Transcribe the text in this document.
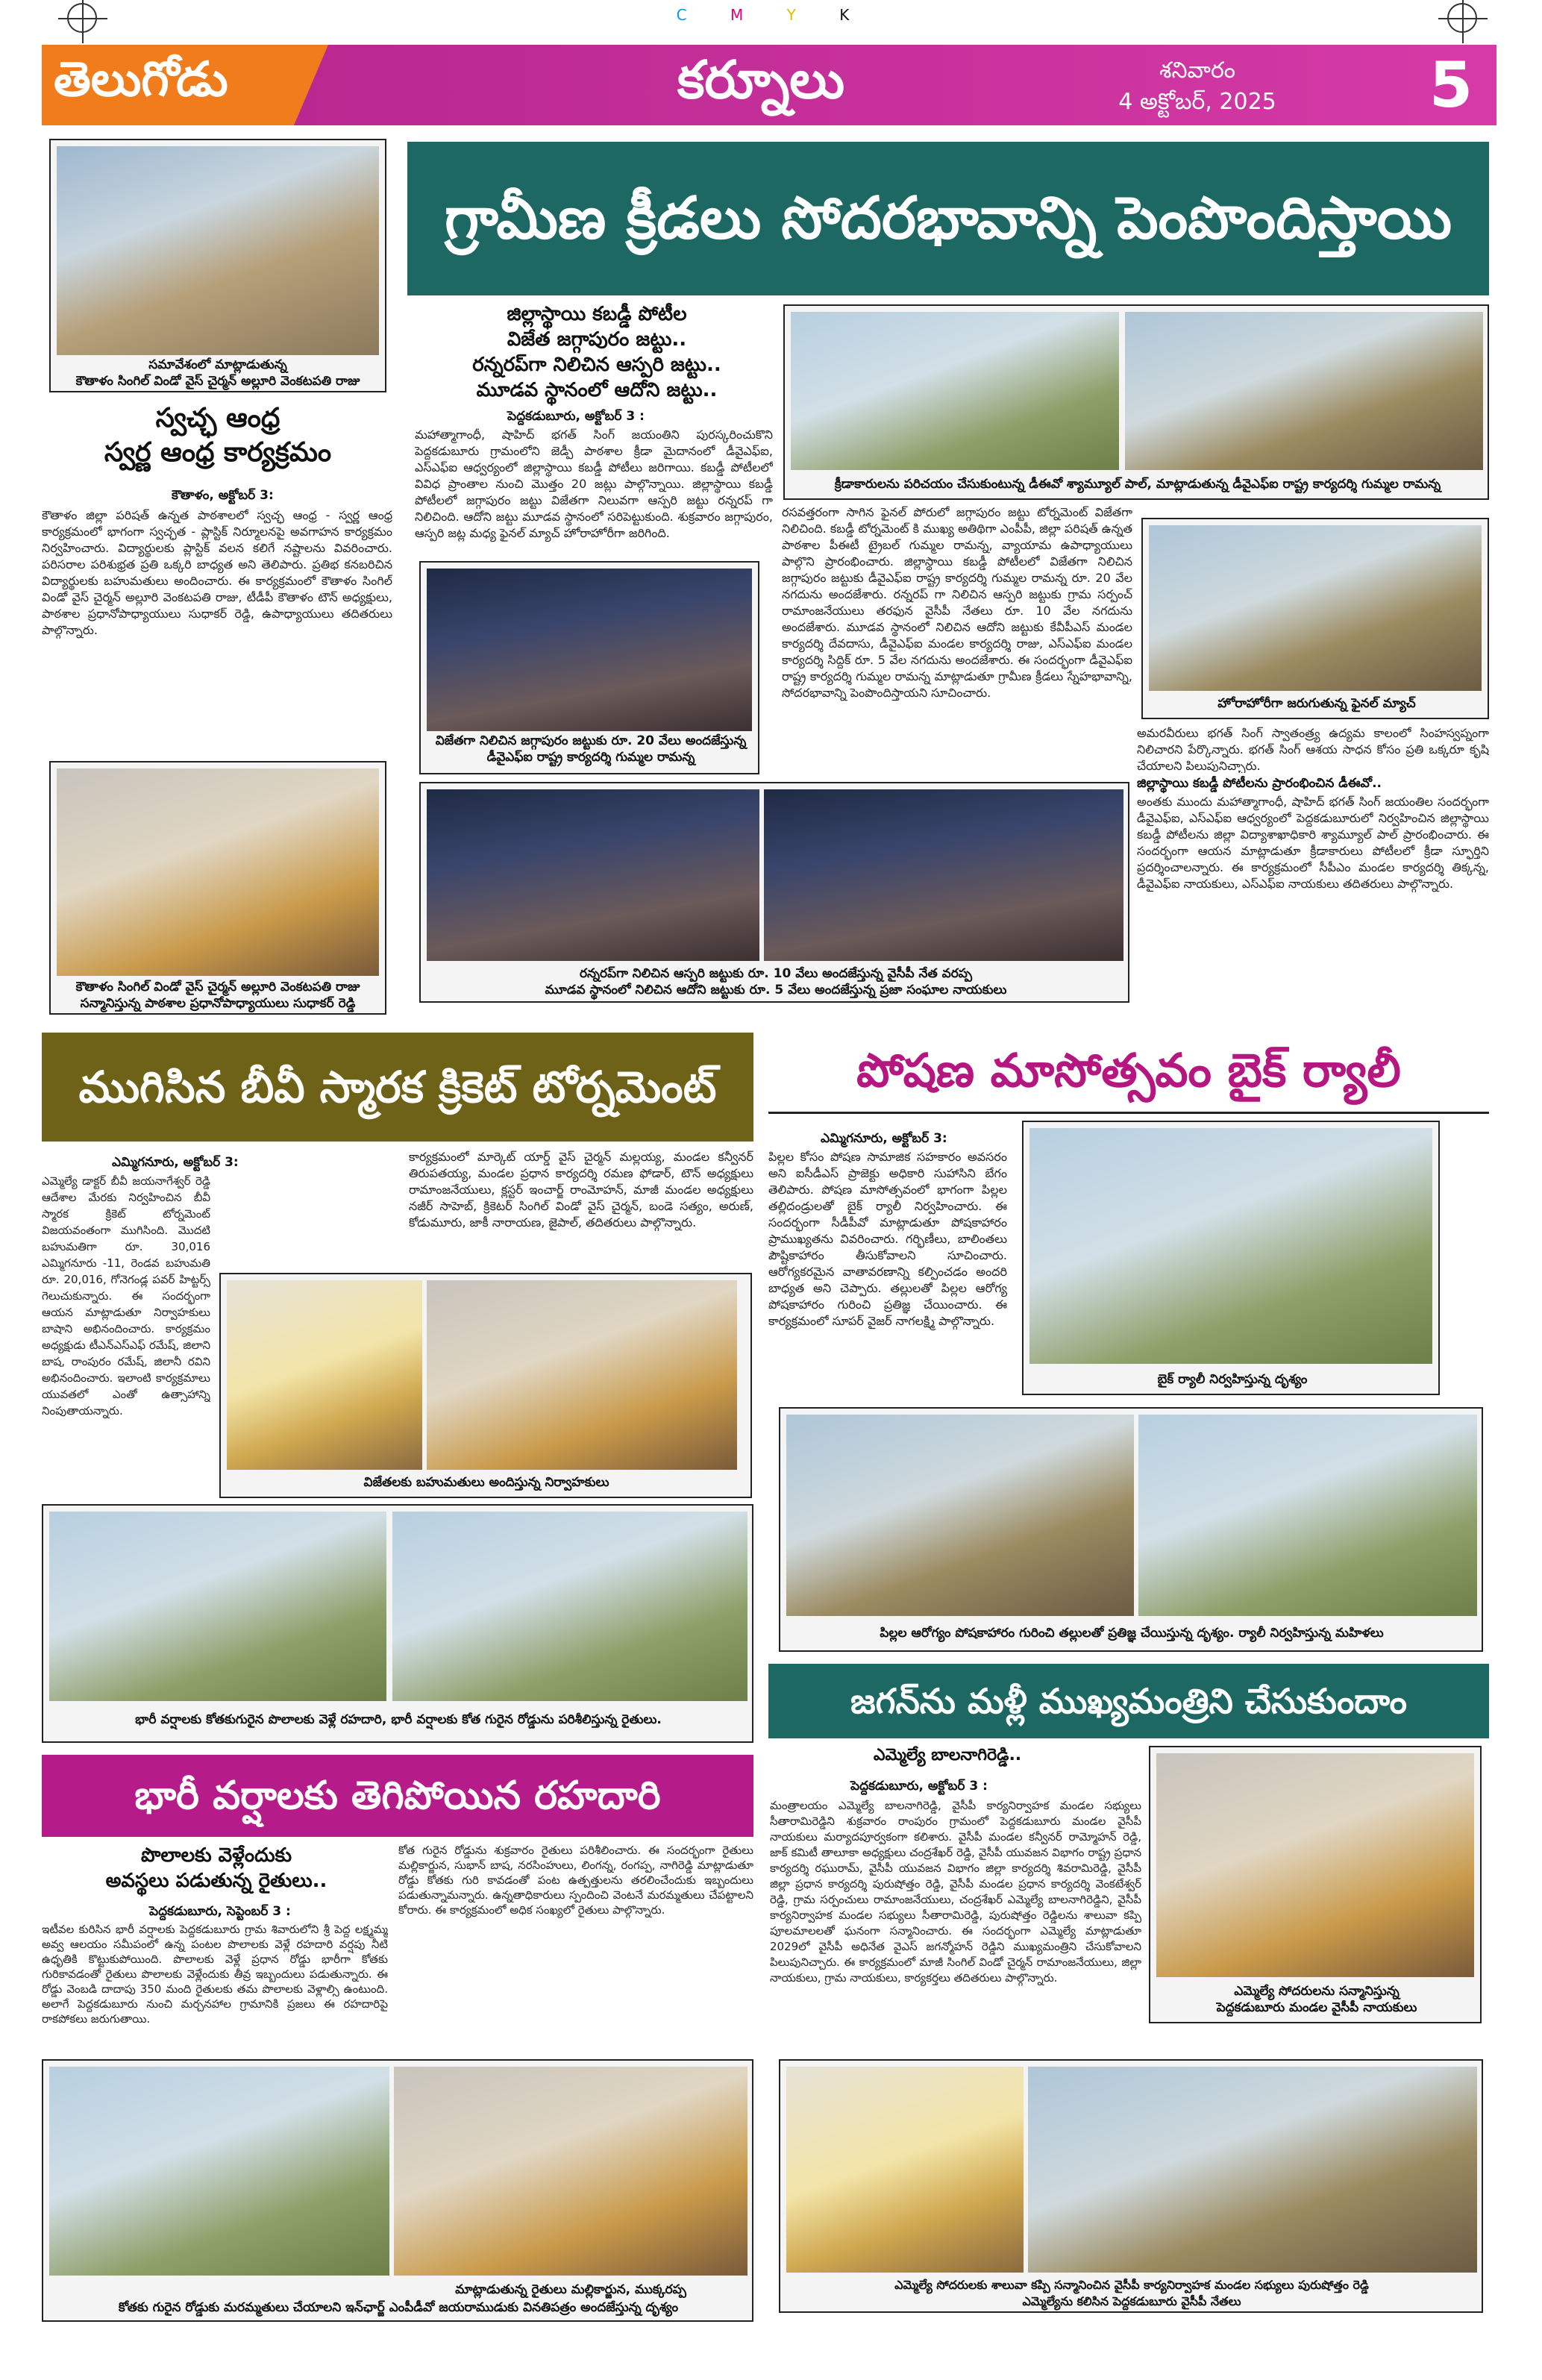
C M Y K
తెలుగోడు	కర్నూలు	శనివారం
4 అక్టోబర్, 2025	5
సమావేశంలో మాట్లాడుతున్న
కౌతాళం సింగిల్ విండో వైస్ చైర్మన్ అల్లూరి వెంకటపతి రాజు
స్వచ్ఛ ఆంధ్ర
స్వర్ణ ఆంధ్ర కార్యక్రమం
కౌతాళం, అక్టోబర్ 3:
కౌతాళం జిల్లా పరిషత్ ఉన్నత పాఠశాలలో స్వచ్ఛ ఆంధ్ర - స్వర్ణ ఆంధ్ర కార్యక్రమంలో భాగంగా స్వచ్ఛత - ప్లాస్టిక్ నిర్మూలనపై అవగాహన కార్యక్రమం నిర్వహించారు. విద్యార్థులకు ప్లాస్టిక్ వలన కలిగే నష్టాలను వివరించారు. పరిసరాల పరిశుభ్రత ప్రతి ఒక్కరి బాధ్యత అని తెలిపారు. ప్రతిభ కనబరిచిన విద్యార్థులకు బహుమతులు అందించారు. ఈ కార్యక్రమంలో కౌతాళం సింగిల్ విండో వైస్ చైర్మన్ అల్లూరి వెంకటపతి రాజు, టీడీపీ కౌతాళం టౌన్ అధ్యక్షులు, పాఠశాల ప్రధానోపాధ్యాయులు సుధాకర్ రెడ్డి, ఉపాధ్యాయులు తదితరులు పాల్గొన్నారు.
కౌతాళం సింగిల్ విండో వైస్ చైర్మన్ అల్లూరి వెంకటపతి రాజు
సన్మానిస్తున్న పాఠశాల ప్రధానోపాధ్యాయులు సుధాకర్ రెడ్డి
గ్రామీణ క్రీడలు సోదరభావాన్ని పెంపొందిస్తాయి
జిల్లాస్థాయి కబడ్డీ పోటీల
విజేత జగ్గాపురం జట్టు..
రన్నరప్‌గా నిలిచిన ఆస్పరి జట్టు..
మూడవ స్థానంలో ఆదోని జట్టు..
పెద్దకడుబూరు, అక్టోబర్ 3 :
మహాత్మాగాంధీ, షాహిద్ భగత్ సింగ్ జయంతిని పురస్కరించుకొని పెద్దకడుబూరు గ్రామంలోని జెడ్పీ పాఠశాల క్రీడా మైదానంలో డీవైఎఫ్ఐ, ఎస్ఎఫ్ఐ ఆధ్వర్యంలో జిల్లాస్థాయి కబడ్డీ పోటీలు జరిగాయి. కబడ్డీ పోటీలలో వివిధ ప్రాంతాల నుంచి మొత్తం 20 జట్లు పాల్గొన్నాయి. జిల్లాస్థాయి కబడ్డీ పోటీలలో జగ్గాపురం జట్టు విజేతగా నిలువగా ఆస్పరి జట్టు రన్నరప్ గా నిలిచింది. ఆదోని జట్టు మూడవ స్థానంలో సరిపెట్టుకుంది. శుక్రవారం జగ్గాపురం, ఆస్పరి జట్ల మధ్య ఫైనల్ మ్యాచ్ హోరాహోరీగా జరిగింది.
విజేతగా నిలిచిన జగ్గాపురం జట్టుకు రూ. 20 వేలు అందజేస్తున్న డీవైఎఫ్ఐ రాష్ట్ర కార్యదర్శి గుమ్మల రామన్న
క్రీడాకారులను పరిచయం చేసుకుంటున్న డీఈవో శ్యామ్యూల్ పాల్, మాట్లాడుతున్న డీవైఎఫ్ఐ రాష్ట్ర కార్యదర్శి గుమ్మల రామన్న
రసవత్తరంగా సాగిన ఫైనల్ పోరులో జగ్గాపురం జట్టు టోర్నమెంట్ విజేతగా నిలిచింది. కబడ్డీ టోర్నమెంట్ కి ముఖ్య అతిథిగా ఎంపీపీ, జిల్లా పరిషత్ ఉన్నత పాఠశాల పీఈటీ ట్రైబల్ గుమ్మల రామన్న, వ్యాయామ ఉపాధ్యాయులు పాల్గొని ప్రారంభించారు. జిల్లాస్థాయి కబడ్డీ పోటీలలో విజేతగా నిలిచిన జగ్గాపురం జట్టుకు డీవైఎఫ్ఐ రాష్ట్ర కార్యదర్శి గుమ్మల రామన్న రూ. 20 వేల నగదును అందజేశారు. రన్నరప్ గా నిలిచిన ఆస్పరి జట్టుకు గ్రామ సర్పంచ్ రామాంజనేయులు తరఫున వైసీపీ నేతలు రూ. 10 వేల నగదును అందజేశారు. మూడవ స్థానంలో నిలిచిన ఆదోని జట్టుకు కేవీపీఎస్ మండల కార్యదర్శి దేవదాసు, డీవైఎఫ్ఐ మండల కార్యదర్శి రాజు, ఎస్ఎఫ్ఐ మండల కార్యదర్శి సిద్దిక్ రూ. 5 వేల నగదును అందజేశారు. ఈ సందర్భంగా డీవైఎఫ్ఐ రాష్ట్ర కార్యదర్శి గుమ్మల రామన్న మాట్లాడుతూ గ్రామీణ క్రీడలు స్నేహభావాన్ని, సోదరభావాన్ని పెంపొందిస్తాయని సూచించారు.
హోరాహోరీగా జరుగుతున్న ఫైనల్ మ్యాచ్
అమరవీరులు భగత్ సింగ్ స్వాతంత్ర్య ఉద్యమ కాలంలో సింహస్వప్నంగా నిలిచారని పేర్కొన్నారు. భగత్ సింగ్ ఆశయ సాధన కోసం ప్రతి ఒక్కరూ కృషి చేయాలని పిలుపునిచ్చారు.
జిల్లాస్థాయి కబడ్డీ పోటీలను ప్రారంభించిన డీఈవో..
అంతకు ముందు మహాత్మాగాంధీ, షాహిద్ భగత్ సింగ్ జయంతిల సందర్భంగా డీవైఎఫ్ఐ, ఎస్ఎఫ్ఐ ఆధ్వర్యంలో పెద్దకడుబూరులో నిర్వహించిన జిల్లాస్థాయి కబడ్డీ పోటీలను జిల్లా విద్యాశాఖాధికారి శ్యామ్యూల్ పాల్ ప్రారంభించారు. ఈ సందర్భంగా ఆయన మాట్లాడుతూ క్రీడాకారులు పోటీలలో క్రీడా స్ఫూర్తిని ప్రదర్శించాలన్నారు. ఈ కార్యక్రమంలో సీపీఎం మండల కార్యదర్శి తిక్కన్న, డీవైఎఫ్ఐ నాయకులు, ఎస్ఎఫ్ఐ నాయకులు తదితరులు పాల్గొన్నారు.
రన్నరప్‌గా నిలిచిన ఆస్పరి జట్టుకు రూ. 10 వేలు అందజేస్తున్న వైసీపీ నేత వరప్ప
మూడవ స్థానంలో నిలిచిన ఆదోని జట్టుకు రూ. 5 వేలు అందజేస్తున్న ప్రజా సంఘాల నాయకులు
ముగిసిన బీవీ స్మారక క్రికెట్ టోర్నమెంట్
ఎమ్మిగనూరు, అక్టోబర్ 3:
ఎమ్మెల్యే డాక్టర్ బీవీ జయనాగేశ్వర్ రెడ్డి ఆదేశాల మేరకు నిర్వహించిన బీవీ స్మారక క్రికెట్ టోర్నమెంట్ విజయవంతంగా ముగిసింది. మొదటి బహుమతిగా రూ. 30,016 ఎమ్మిగనూరు -11, రెండవ బహుమతి రూ. 20,016, గోనెగండ్ల పవర్ హిట్టర్స్ గెలుచుకున్నారు. ఈ సందర్భంగా ఆయన మాట్లాడుతూ నిర్వాహకులు బాషాని అభినందించారు. కార్యక్రమం అధ్యక్షుడు టీఎన్ఎస్ఎఫ్ రమేష్, జిలాని బాష, రాంపురం రమేష్, జిలానీ రవిని అభినందించారు. ఇలాంటి కార్యక్రమాలు యువతలో ఎంతో ఉత్సాహాన్ని నింపుతాయన్నారు.
కార్యక్రమంలో మార్కెట్ యార్డ్ వైస్ చైర్మన్ మల్లయ్య, మండల కన్వీనర్ తిరుపతయ్య, మండల ప్రధాన కార్యదర్శి రమణ ఫోడార్, టౌన్ అధ్యక్షులు రామాంజనేయులు, క్లస్టర్ ఇంచార్జ్ రాంమోహన్, మాజీ మండల అధ్యక్షులు నజీర్ సాహెబ్, క్రికెటర్ సింగిల్ విండో వైస్ చైర్మన్, బండె సత్యం, అరుణ్, కోడుమూరు, జాకీ నారాయణ, జైపాల్, తదితరులు పాల్గొన్నారు.
విజేతలకు బహుమతులు అందిస్తున్న నిర్వాహకులు
భారీ వర్షాలకు కోతకుగురైన పొలాలకు వెళ్లే రహదారి, భారీ వర్షాలకు కోత గురైన రోడ్డును పరిశీలిస్తున్న రైతులు.
పోషణ మాసోత్సవం బైక్ ర్యాలీ
ఎమ్మిగనూరు, అక్టోబర్ 3:
పిల్లల కోసం పోషణ సామాజిక సహకారం అవసరం అని ఐసీడీఎస్ ప్రాజెక్టు అధికారి సుహాసిని బేగం తెలిపారు. పోషణ మాసోత్సవంలో భాగంగా పిల్లల తల్లిదండ్రులతో బైక్ ర్యాలీ నిర్వహించారు. ఈ సందర్భంగా సీడీపీవో మాట్లాడుతూ పోషకాహారం ప్రాముఖ్యతను వివరించారు. గర్భిణీలు, బాలింతలు పౌష్టికాహారం తీసుకోవాలని సూచించారు. ఆరోగ్యకరమైన వాతావరణాన్ని కల్పించడం అందరి బాధ్యత అని చెప్పారు. తల్లులతో పిల్లల ఆరోగ్య పోషకాహారం గురించి ప్రతిజ్ఞ చేయించారు. ఈ కార్యక్రమంలో సూపర్ వైజర్ నాగలక్ష్మి పాల్గొన్నారు.
బైక్ ర్యాలీ నిర్వహిస్తున్న దృశ్యం
పిల్లల ఆరోగ్యం పోషకాహారం గురించి తల్లులతో ప్రతిజ్ఞ చేయిస్తున్న దృశ్యం. ర్యాలీ నిర్వహిస్తున్న మహిళలు
జగన్‌ను మళ్లీ ముఖ్యమంత్రిని చేసుకుందాం
ఎమ్మెల్యే బాలనాగిరెడ్డి..
పెద్దకడుబూరు, అక్టోబర్ 3 :
మంత్రాలయం ఎమ్మెల్యే బాలనాగిరెడ్డి, వైసీపీ కార్యనిర్వాహక మండల సభ్యులు సీతారామిరెడ్డిని శుక్రవారం రాంపురం గ్రామంలో పెద్దకడుబూరు మండల వైసీపీ నాయకులు మర్యాదపూర్వకంగా కలిశారు. వైసీపీ మండల కన్వీనర్ రామ్మోహన్ రెడ్డి, జాక్ కమిటీ తాలూకా అధ్యక్షులు చంద్రశేఖర్ రెడ్డి, వైసీపీ యువజన విభాగం రాష్ట్ర ప్రధాన కార్యదర్శి రఘురామ్, వైసీపీ యువజన విభాగం జిల్లా కార్యదర్శి శివరామిరెడ్డి, వైసీపీ జిల్లా ప్రధాన కార్యదర్శి పురుషోత్తం రెడ్డి, వైసీపీ మండల ప్రధాన కార్యదర్శి వెంకటేశ్వర్ రెడ్డి, గ్రామ సర్పంచులు రామాంజనేయులు, చంద్రశేఖర్ ఎమ్మెల్యే బాలనాగిరెడ్డిని, వైసీపీ కార్యనిర్వాహక మండల సభ్యులు సీతారామిరెడ్డి, పురుషోత్తం రెడ్డిలను శాలువా కప్పి పూలమాలలతో ఘనంగా సన్మానించారు. ఈ సందర్భంగా ఎమ్మెల్యే మాట్లాడుతూ 2029లో వైసీపీ అధినేత వైఎస్ జగన్మోహన్ రెడ్డిని ముఖ్యమంత్రిని చేసుకోవాలని పిలుపునిచ్చారు. ఈ కార్యక్రమంలో మాజీ సింగిల్ విండో చైర్మన్ రామాంజనేయులు, జిల్లా నాయకులు, గ్రామ నాయకులు, కార్యకర్తలు తదితరులు పాల్గొన్నారు.
ఎమ్మెల్యే సోదరులను సన్మానిస్తున్న
పెద్దకడుబూరు మండల వైసీపీ నాయకులు
ఎమ్మెల్యే సోదరులకు శాలువా కప్పి సన్మానించిన వైసీపీ కార్యనిర్వాహక మండల సభ్యులు పురుషోత్తం రెడ్డి
ఎమ్మెల్యేను కలిసిన పెద్దకడుబూరు వైసీపీ నేతలు
భారీ వర్షాలకు తెగిపోయిన రహదారి
పొలాలకు వెళ్లేందుకు
అవస్థలు పడుతున్న రైతులు..
పెద్దకడుబూరు, సెప్టెంబర్ 3 :
ఇటీవల కురిసిన భారీ వర్షాలకు పెద్దకడుబూరు గ్రామ శివారులోని శ్రీ పెద్ద లక్ష్మమ్మ అవ్వ ఆలయం సమీపంలో ఉన్న పంటల పొలాలకు వెళ్లే రహదారి వర్షపు నీటి ఉధృతికి కొట్టుకుపోయింది. పొలాలకు వెళ్లే ప్రధాన రోడ్డు భారీగా కోతకు గురికావడంతో రైతులు పొలాలకు వెళ్లేందుకు తీవ్ర ఇబ్బందులు పడుతున్నారు. ఈ రోడ్డు వెంబడి దాదాపు 350 మంది రైతులకు తమ పొలాలకు వెళ్లాల్సి ఉంటుంది. అలాగే పెద్దకడుబూరు నుంచి మర్చనహాల గ్రామానికి ప్రజలు ఈ రహదారిపై రాకపోకలు జరుగుతాయి.
కోత గురైన రోడ్డును శుక్రవారం రైతులు పరిశీలించారు. ఈ సందర్భంగా రైతులు మల్లికార్జున, సుభాన్ బాష, నరసింహులు, లింగన్న, రంగప్ప, నాగిరెడ్డి మాట్లాడుతూ రోడ్డు కోతకు గురి కావడంతో పంట ఉత్పత్తులను తరలించేందుకు ఇబ్బందులు పడుతున్నామన్నారు. ఉన్నతాధికారులు స్పందించి వెంటనే మరమ్మతులు చేపట్టాలని కోరారు. ఈ కార్యక్రమంలో అధిక సంఖ్యలో రైతులు పాల్గొన్నారు.
మాట్లాడుతున్న రైతులు మల్లికార్జున, ముక్కరప్ప
కోతకు గురైన రోడ్డుకు మరమ్మతులు చేయాలని ఇన్‌ఛార్జ్ ఎంపీడీవో జయరాముడుకు వినతిపత్రం అందజేస్తున్న దృశ్యం
